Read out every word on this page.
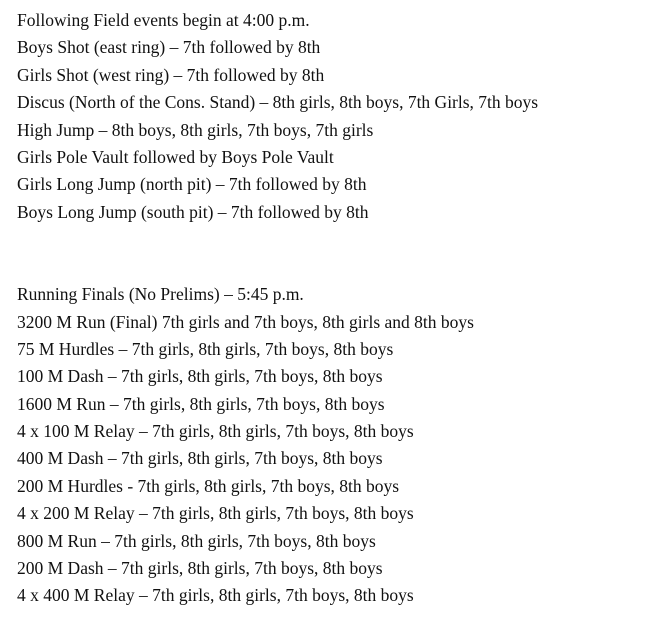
Following Field events begin at 4:00 p.m.
Boys Shot (east ring) – 7th followed by 8th
Girls Shot (west ring) – 7th followed by 8th
Discus (North of the Cons. Stand) – 8th girls, 8th boys, 7th Girls, 7th boys
High Jump – 8th boys, 8th girls, 7th boys, 7th girls
Girls Pole Vault followed by Boys Pole Vault
Girls Long Jump (north pit) – 7th followed by 8th
Boys Long Jump (south pit) – 7th followed by 8th
Running Finals (No Prelims) – 5:45 p.m.
3200 M Run (Final) 7th girls and 7th boys, 8th girls and 8th boys
75 M Hurdles – 7th girls, 8th girls, 7th boys, 8th boys
100 M Dash – 7th girls, 8th girls, 7th boys, 8th boys
1600 M Run – 7th girls, 8th girls, 7th boys, 8th boys
4 x 100 M Relay – 7th girls, 8th girls, 7th boys, 8th boys
400 M Dash – 7th girls, 8th girls, 7th boys, 8th boys
200 M Hurdles - 7th girls, 8th girls, 7th boys, 8th boys
4 x 200 M Relay – 7th girls, 8th girls, 7th boys, 8th boys
800 M Run – 7th girls, 8th girls, 7th boys, 8th boys
200 M Dash – 7th girls, 8th girls, 7th boys, 8th boys
4 x 400 M Relay – 7th girls, 8th girls, 7th boys, 8th boys
